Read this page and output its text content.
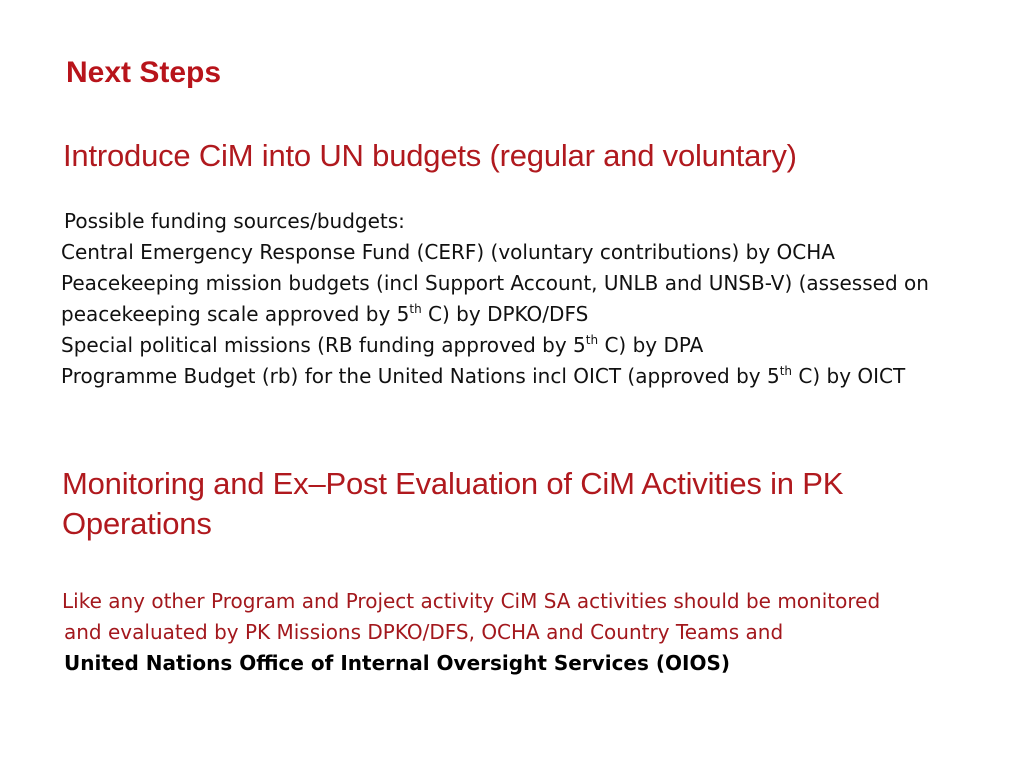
Next Steps
Introduce CiM into UN budgets (regular and voluntary)
Possible funding sources/budgets:
Central Emergency Response Fund (CERF) (voluntary contributions) by OCHA
Peacekeeping mission budgets (incl Support Account, UNLB and UNSB-V) (assessed on
peacekeeping scale approved by 5th C) by DPKO/DFS
Special political missions (RB funding approved by 5th C) by DPA
Programme Budget (rb) for the United Nations incl OICT (approved by 5th C) by OICT
Monitoring and Ex–Post Evaluation of CiM Activities in PK Operations
Like any other Program and Project activity CiM SA activities should be monitored
and evaluated by PK Missions DPKO/DFS, OCHA and Country Teams and
United Nations Office of Internal Oversight Services (OIOS)
